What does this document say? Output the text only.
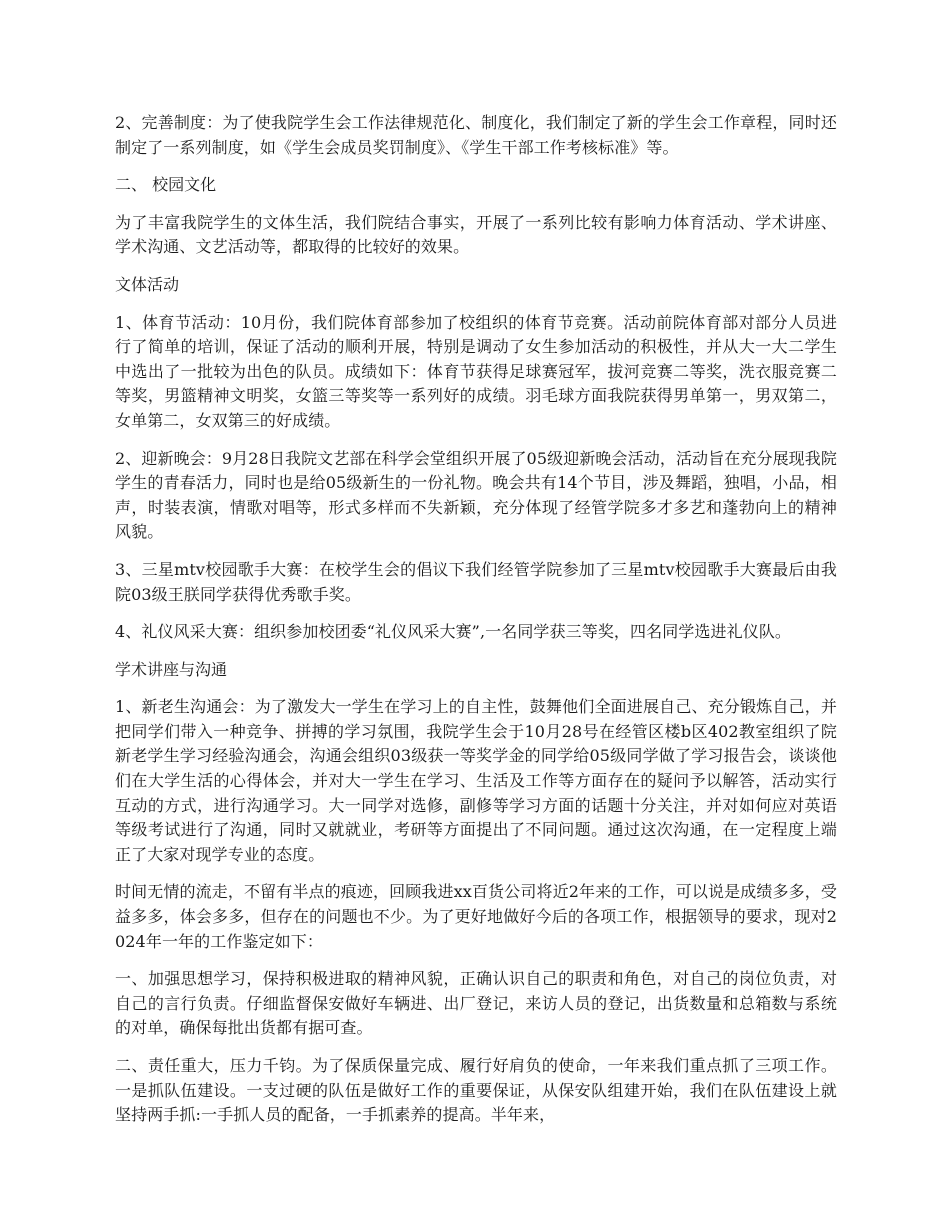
2、完善制度：为了使我院学生会工作法律规范化、制度化，我们制定了新的学生会工作章程，同时还制定了一系列制度，如《学生会成员奖罚制度》、《学生干部工作考核标准》等。

二、 校园文化

为了丰富我院学生的文体生活，我们院结合事实，开展了一系列比较有影响力体育活动、学术讲座、学术沟通、文艺活动等，都取得的比较好的效果。

文体活动

1、体育节活动：10月份，我们院体育部参加了校组织的体育节竞赛。活动前院体育部对部分人员进行了简单的培训，保证了活动的顺利开展，特别是调动了女生参加活动的积极性，并从大一大二学生中选出了一批较为出色的队员。成绩如下：体育节获得足球赛冠军，拔河竞赛二等奖，洗衣服竞赛二等奖，男篮精神文明奖，女篮三等奖等一系列好的成绩。羽毛球方面我院获得男单第一，男双第二，女单第二，女双第三的好成绩。

2、迎新晚会：9月28日我院文艺部在科学会堂组织开展了05级迎新晚会活动，活动旨在充分展现我院学生的青春活力，同时也是给05级新生的一份礼物。晚会共有14个节目，涉及舞蹈，独唱，小品，相声，时装表演，情歌对唱等，形式多样而不失新颖，充分体现了经管学院多才多艺和蓬勃向上的精神风貌。

3、三星mtv校园歌手大赛：在校学生会的倡议下我们经管学院参加了三星mtv校园歌手大赛最后由我院03级王朕同学获得优秀歌手奖。

4、礼仪风采大赛：组织参加校团委“礼仪风采大赛”,一名同学获三等奖，四名同学选进礼仪队。

学术讲座与沟通

1、新老生沟通会：为了激发大一学生在学习上的自主性，鼓舞他们全面进展自己、充分锻炼自己，并把同学们带入一种竞争、拼搏的学习氛围，我院学生会于10月28号在经管区楼b区402教室组织了院新老学生学习经验沟通会，沟通会组织03级获一等奖学金的同学给05级同学做了学习报告会，谈谈他们在大学生活的心得体会，并对大一学生在学习、生活及工作等方面存在的疑问予以解答，活动实行互动的方式，进行沟通学习。大一同学对选修，副修等学习方面的话题十分关注，并对如何应对英语等级考试进行了沟通，同时又就就业，考研等方面提出了不同问题。通过这次沟通，在一定程度上端正了大家对现学专业的态度。

时间无情的流走，不留有半点的痕迹，回顾我进xx百货公司将近2年来的工作，可以说是成绩多多，受益多多，体会多多，但存在的问题也不少。为了更好地做好今后的各项工作，根据领导的要求，现对2024年一年的工作鉴定如下：

一、加强思想学习，保持积极进取的精神风貌，正确认识自己的职责和角色，对自己的岗位负责，对自己的言行负责。仔细监督保安做好车辆进、出厂登记，来访人员的登记，出货数量和总箱数与系统的对单，确保每批出货都有据可查。

二、责任重大，压力千钧。为了保质保量完成、履行好肩负的使命，一年来我们重点抓了三项工作。一是抓队伍建设。一支过硬的队伍是做好工作的重要保证，从保安队组建开始，我们在队伍建设上就坚持两手抓:一手抓人员的配备，一手抓素养的提高。半年来，
